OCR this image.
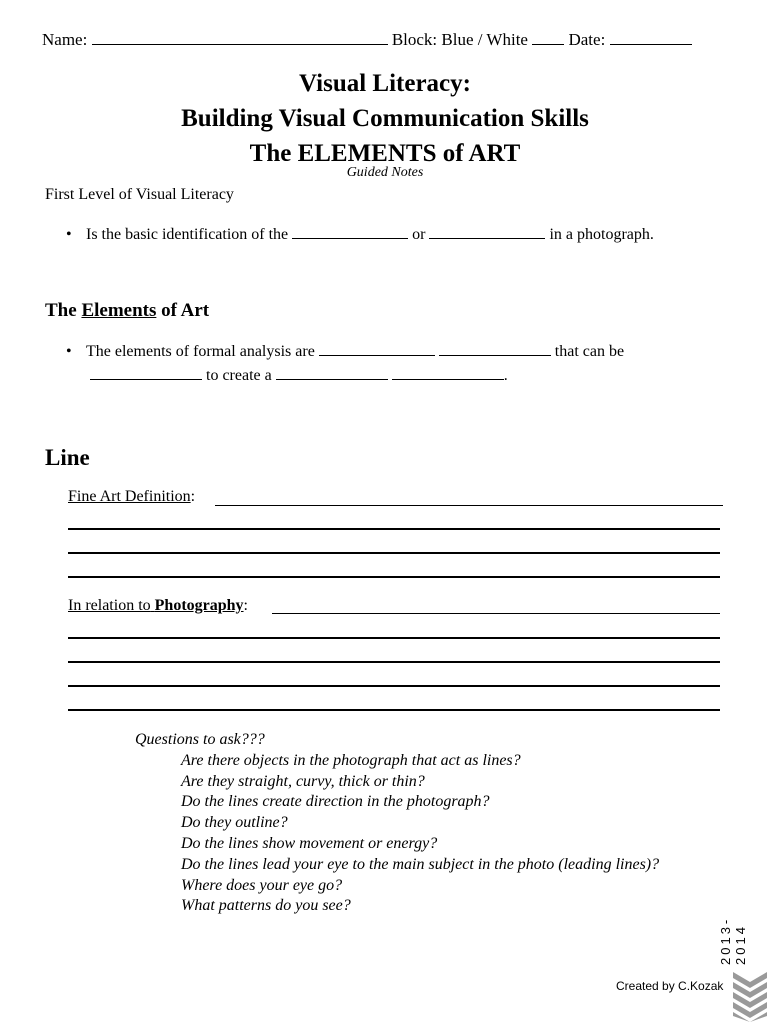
Name:	Block: Blue / White Date:
Visual Literacy:
Building Visual Communication Skills
The ELEMENTS of ART
Guided Notes
First Level of Visual Literacy
• Is the basic identification of the	or	in a photograph.
The Elements of Art
• The elements of formal analysis are	that can be
to create a	.
Line
Fine Art Definition:
In relation to Photography:
Questions to ask???
Are there objects in the photograph that act as lines?
Are they straight, curvy, thick or thin?
Do the lines create direction in the photograph?
Do they outline?
Do the lines show movement or energy?
Do the lines lead your eye to the main subject in the photo (leading lines)?
Where does your eye go?
What patterns do you see?
2013-2014
Created by C.Kozak
